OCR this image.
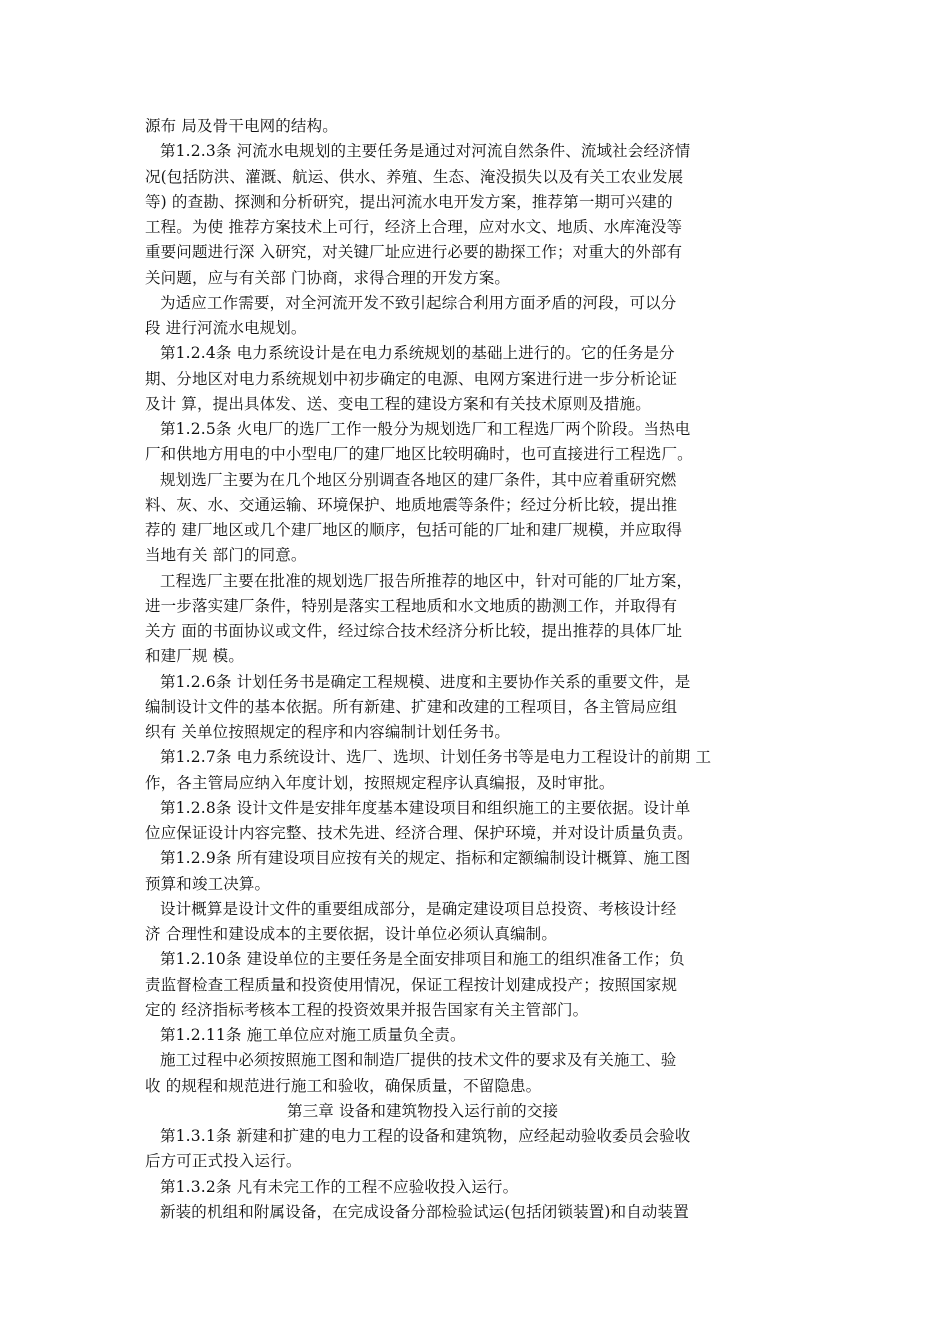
源布 局及骨干电网的结构。
第1.2.3条 河流水电规划的主要任务是通过对河流自然条件、流域社会经济情
况(包括防洪、灌溉、航运、供水、养殖、生态、淹没损失以及有关工农业发展
等) 的查勘、探测和分析研究，提出河流水电开发方案，推荐第一期可兴建的
工程。为使 推荐方案技术上可行，经济上合理，应对水文、地质、水库淹没等
重要问题进行深 入研究，对关键厂址应进行必要的勘探工作；对重大的外部有
关问题，应与有关部 门协商，求得合理的开发方案。
为适应工作需要，对全河流开发不致引起综合利用方面矛盾的河段，可以分
段 进行河流水电规划。
第1.2.4条 电力系统设计是在电力系统规划的基础上进行的。它的任务是分
期、分地区对电力系统规划中初步确定的电源、电网方案进行进一步分析论证
及计 算，提出具体发、送、变电工程的建设方案和有关技术原则及措施。
第1.2.5条 火电厂的选厂工作一般分为规划选厂和工程选厂两个阶段。当热电
厂和供地方用电的中小型电厂的建厂地区比较明确时，也可直接进行工程选厂。
规划选厂主要为在几个地区分别调查各地区的建厂条件，其中应着重研究燃
料、灰、水、交通运输、环境保护、地质地震等条件；经过分析比较，提出推
荐的 建厂地区或几个建厂地区的顺序，包括可能的厂址和建厂规模，并应取得
当地有关 部门的同意。
工程选厂主要在批准的规划选厂报告所推荐的地区中，针对可能的厂址方案，
进一步落实建厂条件，特别是落实工程地质和水文地质的勘测工作，并取得有
关方 面的书面协议或文件，经过综合技术经济分析比较，提出推荐的具体厂址
和建厂规 模。
第1.2.6条 计划任务书是确定工程规模、进度和主要协作关系的重要文件，是
编制设计文件的基本依据。所有新建、扩建和改建的工程项目，各主管局应组
织有 关单位按照规定的程序和内容编制计划任务书。
第1.2.7条 电力系统设计、选厂、选坝、计划任务书等是电力工程设计的前期 工
作，各主管局应纳入年度计划，按照规定程序认真编报，及时审批。
第1.2.8条 设计文件是安排年度基本建设项目和组织施工的主要依据。设计单
位应保证设计内容完整、技术先进、经济合理、保护环境，并对设计质量负责。
第1.2.9条 所有建设项目应按有关的规定、指标和定额编制设计概算、施工图
预算和竣工决算。
设计概算是设计文件的重要组成部分，是确定建设项目总投资、考核设计经
济 合理性和建设成本的主要依据，设计单位必须认真编制。
第1.2.10条 建设单位的主要任务是全面安排项目和施工的组织准备工作；负
责监督检查工程质量和投资使用情况，保证工程按计划建成投产；按照国家规
定的 经济指标考核本工程的投资效果并报告国家有关主管部门。
第1.2.11条 施工单位应对施工质量负全责。
施工过程中必须按照施工图和制造厂提供的技术文件的要求及有关施工、验
收 的规程和规范进行施工和验收，确保质量，不留隐患。
第三章 设备和建筑物投入运行前的交接
第1.3.1条 新建和扩建的电力工程的设备和建筑物，应经起动验收委员会验收
后方可正式投入运行。
第1.3.2条 凡有未完工作的工程不应验收投入运行。
新装的机组和附属设备，在完成设备分部检验试运(包括闭锁装置)和自动装置
